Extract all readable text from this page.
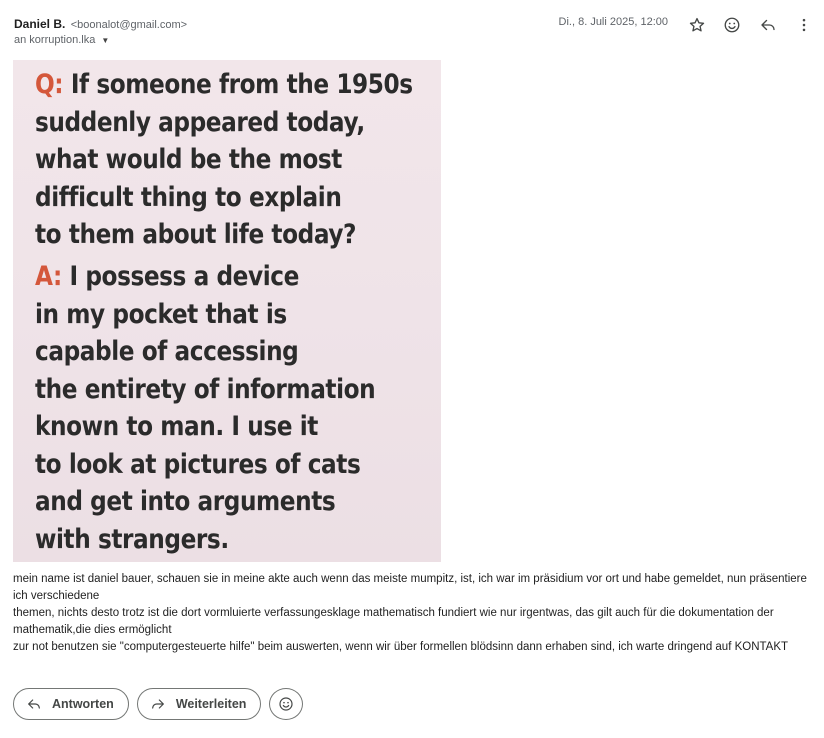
Daniel B. <boonalot@gmail.com>
an korruption.lka ▼
Di., 8. Juli 2025, 12:00
Q: If someone from the 1950s
suddenly appeared today,
what would be the most
difficult thing to explain
to them about life today?
A: I possess a device
in my pocket that is
capable of accessing
the entirety of information
known to man. I use it
to look at pictures of cats
and get into arguments
with strangers.

mein name ist daniel bauer, schauen sie in meine akte auch wenn das meiste mumpitz, ist, ich war im präsidium vor ort und habe gemeldet, nun präsentiere ich verschiedene

themen, nichts desto trotz ist die dort vormluierte verfassungesklage mathematisch fundiert wie nur irgentwas, das gilt auch für die dokumentation der mathematik,die dies ermöglicht

zur not benutzen sie "computergesteuerte hilfe" beim auswerten, wenn wir über formellen blödsinn dann erhaben sind, ich warte dringend auf KONTAKT

Antworten	Weiterleiten
